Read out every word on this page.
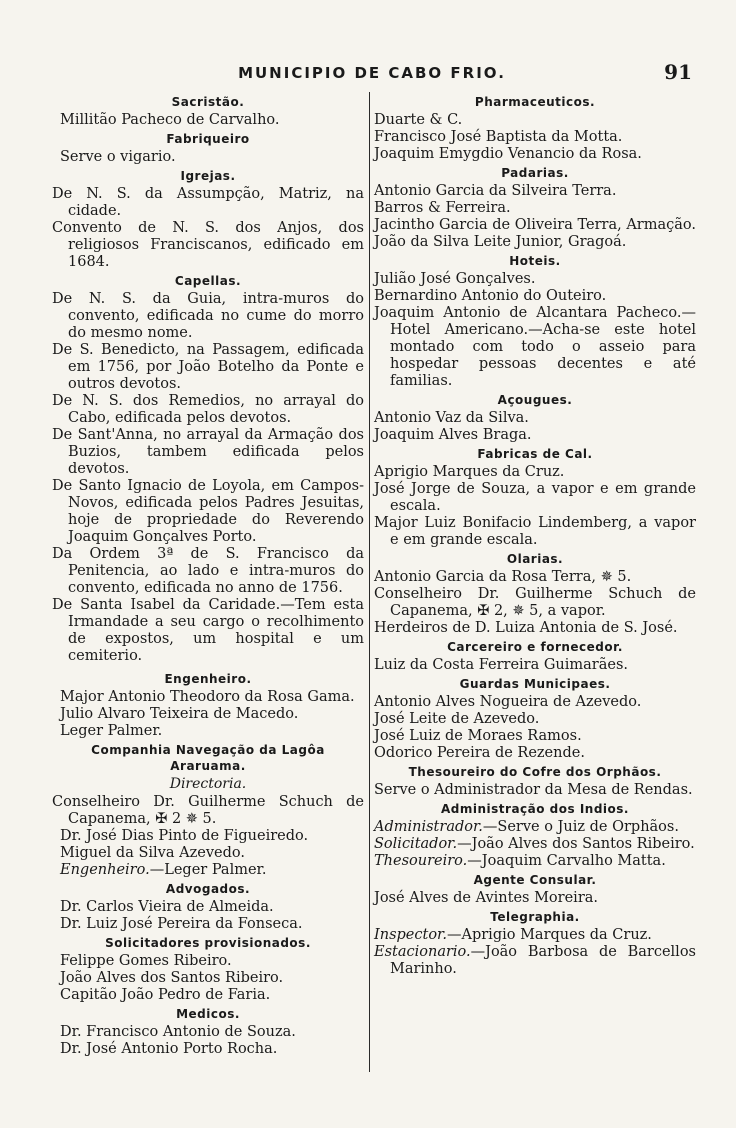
MUNICIPIO DE CABO FRIO.	91
Sacristão.
Millitão Pacheco de Carvalho.
Fabriqueiro
Serve o vigario.
Igrejas.
De N. S. da Assumpção, Matriz, na cidade.
Convento de N. S. dos Anjos, dos religiosos Franciscanos, edificado em 1684.
Capellas.
De N. S. da Guia, intra-muros do convento, edificada no cume do morro do mesmo nome.
De S. Benedicto, na Passagem, edificada em 1756, por João Botelho da Ponte e outros devotos.
De N. S. dos Remedios, no arrayal do Cabo, edificada pelos devotos.
De Sant'Anna, no arrayal da Armação dos Buzios, tambem edificada pelos devotos.
De Santo Ignacio de Loyola, em Campos-Novos, edificada pelos Padres Jesuitas, hoje de propriedade do Reverendo Joaquim Gonçalves Porto.
Da Ordem 3ª de S. Francisco da Penitencia, ao lado e intra-muros do convento, edificada no anno de 1756.
De Santa Isabel da Caridade.—Tem esta Irmandade a seu cargo o recolhimento de expostos, um hospital e um cemiterio.
Engenheiro.
Major Antonio Theodoro da Rosa Gama.
Julio Alvaro Teixeira de Macedo.
Leger Palmer.
Companhia Navegação da Lagôa Araruama.
Directoria.
Conselheiro Dr. Guilherme Schuch de Capanema, ✠ 2 ✵ 5.
Dr. José Dias Pinto de Figueiredo.
Miguel da Silva Azevedo.
Engenheiro.—Leger Palmer.
Advogados.
Dr. Carlos Vieira de Almeida.
Dr. Luiz José Pereira da Fonseca.
Solicitadores provisionados.
Felippe Gomes Ribeiro.
João Alves dos Santos Ribeiro.
Capitão João Pedro de Faria.
Medicos.
Dr. Francisco Antonio de Souza.
Dr. José Antonio Porto Rocha.
Pharmaceuticos.
Duarte & C.
Francisco José Baptista da Motta.
Joaquim Emygdio Venancio da Rosa.
Padarias.
Antonio Garcia da Silveira Terra.
Barros & Ferreira.
Jacintho Garcia de Oliveira Terra, Armação.
João da Silva Leite Junior, Gragoá.
Hoteis.
Julião José Gonçalves.
Bernardino Antonio do Outeiro.
Joaquim Antonio de Alcantara Pacheco.—Hotel Americano.—Acha-se este hotel montado com todo o asseio para hospedar pessoas decentes e até familias.
Açougues.
Antonio Vaz da Silva.
Joaquim Alves Braga.
Fabricas de Cal.
Aprigio Marques da Cruz.
José Jorge de Souza, a vapor e em grande escala.
Major Luiz Bonifacio Lindemberg, a vapor e em grande escala.
Olarias.
Antonio Garcia da Rosa Terra, ✵ 5.
Conselheiro Dr. Guilherme Schuch de Capanema, ✠ 2, ✵ 5, a vapor.
Herdeiros de D. Luiza Antonia de S. José.
Carcereiro e fornecedor.
Luiz da Costa Ferreira Guimarães.
Guardas Municipaes.
Antonio Alves Nogueira de Azevedo.
José Leite de Azevedo.
José Luiz de Moraes Ramos.
Odorico Pereira de Rezende.
Thesoureiro do Cofre dos Orphãos.
Serve o Administrador da Mesa de Rendas.
Administração dos Indios.
Administrador.—Serve o Juiz de Orphãos.
Solicitador.—João Alves dos Santos Ribeiro.
Thesoureiro.—Joaquim Carvalho Matta.
Agente Consular.
José Alves de Avintes Moreira.
Telegraphia.
Inspector.—Aprigio Marques da Cruz.
Estacionario.—João Barbosa de Barcellos Marinho.
